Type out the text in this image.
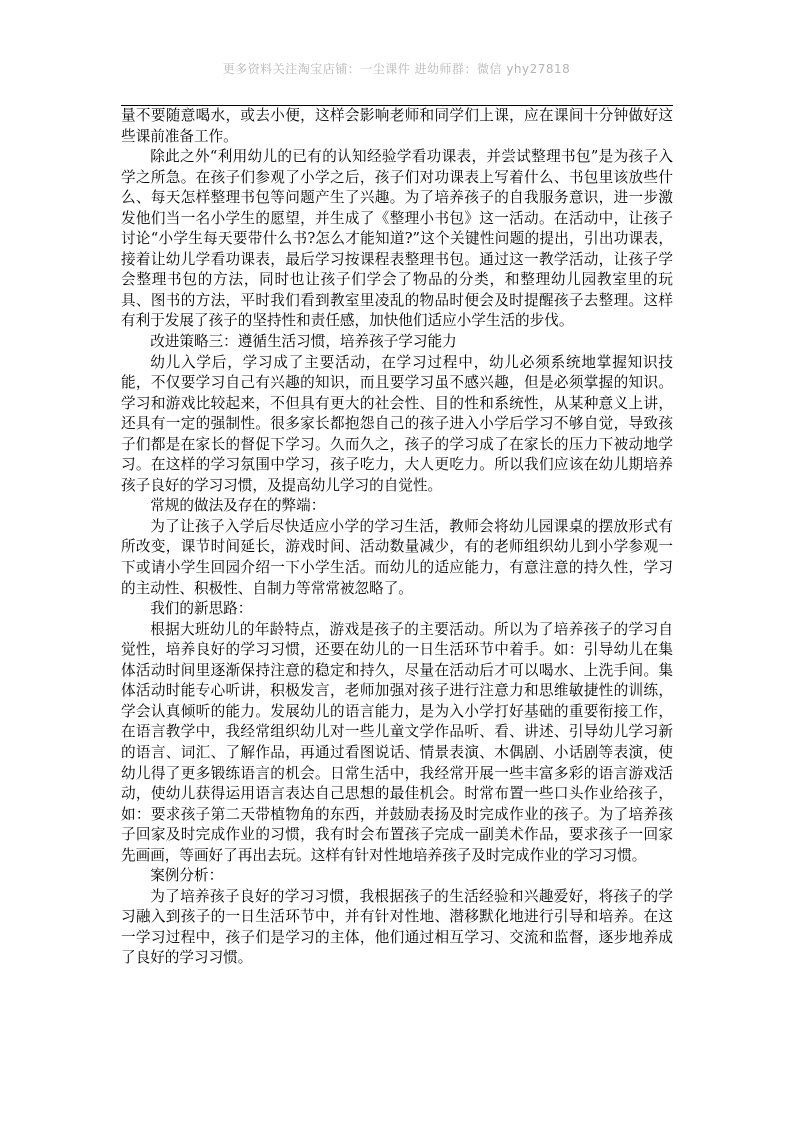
更多资料关注淘宝店铺：一尘课件 进幼师群：微信 yhy27818

量不要随意喝水，或去小便，这样会影响老师和同学们上课，应在课间十分钟做好这些课前准备工作。

除此之外“利用幼儿的已有的认知经验学看功课表，并尝试整理书包”是为孩子入学之所急。在孩子们参观了小学之后，孩子们对功课表上写着什么、书包里该放些什么、每天怎样整理书包等问题产生了兴趣。为了培养孩子的自我服务意识，进一步激发他们当一名小学生的愿望，并生成了《整理小书包》这一活动。在活动中，让孩子讨论“小学生每天要带什么书?怎么才能知道?”这个关键性问题的提出，引出功课表，接着让幼儿学看功课表，最后学习按课程表整理书包。通过这一教学活动，让孩子学会整理书包的方法，同时也让孩子们学会了物品的分类，和整理幼儿园教室里的玩具、图书的方法，平时我们看到教室里凌乱的物品时便会及时提醒孩子去整理。这样有利于发展了孩子的坚持性和责任感，加快他们适应小学生活的步伐。

改进策略三：遵循生活习惯，培养孩子学习能力

幼儿入学后，学习成了主要活动，在学习过程中，幼儿必须系统地掌握知识技能，不仅要学习自己有兴趣的知识，而且要学习虽不感兴趣，但是必须掌握的知识。学习和游戏比较起来，不但具有更大的社会性、目的性和系统性，从某种意义上讲，还具有一定的强制性。很多家长都抱怨自己的孩子进入小学后学习不够自觉，导致孩子们都是在家长的督促下学习。久而久之，孩子的学习成了在家长的压力下被动地学习。在这样的学习氛围中学习，孩子吃力，大人更吃力。所以我们应该在幼儿期培养孩子良好的学习习惯，及提高幼儿学习的自觉性。

常规的做法及存在的弊端：

为了让孩子入学后尽快适应小学的学习生活，教师会将幼儿园课桌的摆放形式有所改变，课节时间延长，游戏时间、活动数量减少，有的老师组织幼儿到小学参观一下或请小学生回园介绍一下小学生活。而幼儿的适应能力，有意注意的持久性，学习的主动性、积极性、自制力等常常被忽略了。

我们的新思路：

根据大班幼儿的年龄特点，游戏是孩子的主要活动。所以为了培养孩子的学习自觉性，培养良好的学习习惯，还要在幼儿的一日生活环节中着手。如：引导幼儿在集体活动时间里逐渐保持注意的稳定和持久，尽量在活动后才可以喝水、上洗手间。集体活动时能专心听讲，积极发言，老师加强对孩子进行注意力和思维敏捷性的训练，学会认真倾听的能力。发展幼儿的语言能力，是为入小学打好基础的重要衔接工作，在语言教学中，我经常组织幼儿对一些儿童文学作品听、看、讲述、引导幼儿学习新的语言、词汇、了解作品，再通过看图说话、情景表演、木偶剧、小话剧等表演，使幼儿得了更多锻练语言的机会。日常生活中，我经常开展一些丰富多彩的语言游戏活动，使幼儿获得运用语言表达自己思想的最佳机会。时常布置一些口头作业给孩子，如：要求孩子第二天带植物角的东西，并鼓励表扬及时完成作业的孩子。为了培养孩子回家及时完成作业的习惯，我有时会布置孩子完成一副美术作品，要求孩子一回家先画画，等画好了再出去玩。这样有针对性地培养孩子及时完成作业的学习习惯。

案例分析：

为了培养孩子良好的学习习惯，我根据孩子的生活经验和兴趣爱好，将孩子的学习融入到孩子的一日生活环节中，并有针对性地、潜移默化地进行引导和培养。在这一学习过程中，孩子们是学习的主体，他们通过相互学习、交流和监督，逐步地养成了良好的学习习惯。
